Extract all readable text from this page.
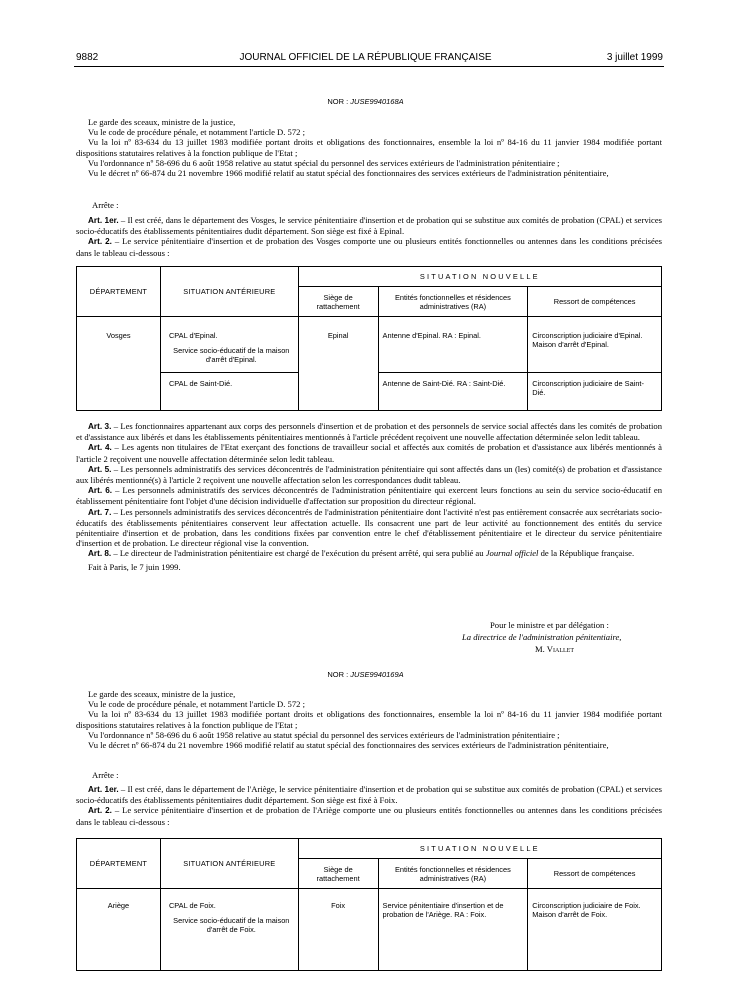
9882	JOURNAL OFFICIEL DE LA RÉPUBLIQUE FRANÇAISE	3 juillet 1999
NOR : JUSE9940168A

Le garde des sceaux, ministre de la justice,

Vu le code de procédure pénale, et notamment l'article D. 572 ;

Vu la loi nº 83-634 du 13 juillet 1983 modifiée portant droits et obligations des fonctionnaires, ensemble la loi nº 84-16 du 11 janvier 1984 modifiée portant dispositions statutaires relatives à la fonction publique de l'Etat ;

Vu l'ordonnance nº 58-696 du 6 août 1958 relative au statut spécial du personnel des services extérieurs de l'administration pénitentiaire ;

Vu le décret nº 66-874 du 21 novembre 1966 modifié relatif au statut spécial des fonctionnaires des services extérieurs de l'administration pénitentiaire,

Arrête :

Art. 1er. – Il est créé, dans le département des Vosges, le service pénitentiaire d'insertion et de probation qui se substitue aux comités de probation (CPAL) et services socio-éducatifs des établissements pénitentiaires dudit département. Son siège est fixé à Epinal.

Art. 2. – Le service pénitentiaire d'insertion et de probation des Vosges comporte une ou plusieurs entités fonctionnelles ou antennes dans les conditions précisées dans le tableau ci-dessous :

DÉPARTEMENT	SITUATION ANTÉRIEURE	SITUATION NOUVELLE		
		Siège de rattachement	Entités fonctionnelles et résidences administratives (RA)	Ressort de compétences
Vosges	CPAL d'Epinal.
Service socio-éducatif de la maison d'arrêt d'Epinal.	Epinal	Antenne d'Epinal. RA : Epinal.	Circonscription judiciaire d'Epinal. Maison d'arrêt d'Epinal.
	CPAL de Saint-Dié.		Antenne de Saint-Dié. RA : Saint-Dié.	Circonscription judiciaire de Saint-Dié.

Art. 3. – Les fonctionnaires appartenant aux corps des personnels d'insertion et de probation et des personnels de service social affectés dans les comités de probation et d'assistance aux libérés et dans les établissements pénitentiaires mentionnés à l'article précédent reçoivent une nouvelle affectation déterminée selon ledit tableau.

Art. 4. – Les agents non titulaires de l'Etat exerçant des fonctions de travailleur social et affectés aux comités de probation et d'assistance aux libérés mentionnés à l'article 2 reçoivent une nouvelle affectation déterminée selon ledit tableau.

Art. 5. – Les personnels administratifs des services déconcentrés de l'administration pénitentiaire qui sont affectés dans un (les) comité(s) de probation et d'assistance aux libérés mentionné(s) à l'article 2 reçoivent une nouvelle affectation selon les correspondances dudit tableau.

Art. 6. – Les personnels administratifs des services déconcentrés de l'administration pénitentiaire qui exercent leurs fonctions au sein du service socio-éducatif en établissement pénitentiaire font l'objet d'une décision individuelle d'affectation sur proposition du directeur régional.

Art. 7. – Les personnels administratifs des services déconcentrés de l'administration pénitentiaire dont l'activité n'est pas entièrement consacrée aux secrétariats socio-éducatifs des établissements pénitentiaires conservent leur affectation actuelle. Ils consacrent une part de leur activité au fonctionnement des entités du service pénitentiaire d'insertion et de probation, dans les conditions fixées par convention entre le chef d'établissement pénitentiaire et le directeur du service pénitentiaire d'insertion et de probation. Le directeur régional vise la convention.

Art. 8. – Le directeur de l'administration pénitentiaire est chargé de l'exécution du présent arrêté, qui sera publié au Journal officiel de la République française.

Fait à Paris, le 7 juin 1999.

Pour le ministre et par délégation :
La directrice de l'administration pénitentiaire,
M. Viallet
NOR : JUSE9940169A

Le garde des sceaux, ministre de la justice,

Vu le code de procédure pénale, et notamment l'article D. 572 ;

Vu la loi nº 83-634 du 13 juillet 1983 modifiée portant droits et obligations des fonctionnaires, ensemble la loi nº 84-16 du 11 janvier 1984 modifiée portant dispositions statutaires relatives à la fonction publique de l'Etat ;

Vu l'ordonnance nº 58-696 du 6 août 1958 relative au statut spécial du personnel des services extérieurs de l'administration pénitentiaire ;

Vu le décret nº 66-874 du 21 novembre 1966 modifié relatif au statut spécial des fonctionnaires des services extérieurs de l'administration pénitentiaire,

Arrête :

Art. 1er. – Il est créé, dans le département de l'Ariège, le service pénitentiaire d'insertion et de probation qui se substitue aux comités de probation (CPAL) et services socio-éducatifs des établissements pénitentiaires dudit département. Son siège est fixé à Foix.

Art. 2. – Le service pénitentiaire d'insertion et de probation de l'Ariège comporte une ou plusieurs entités fonctionnelles ou antennes dans les conditions précisées dans le tableau ci-dessous :

DÉPARTEMENT	SITUATION ANTÉRIEURE	SITUATION NOUVELLE		
		Siège de rattachement	Entités fonctionnelles et résidences administratives (RA)	Ressort de compétences
Ariège	CPAL de Foix.
Service socio-éducatif de la maison d'arrêt de Foix.	Foix	Service pénitentiaire d'insertion et de probation de l'Ariège. RA : Foix.	Circonscription judiciaire de Foix. Maison d'arrêt de Foix.
